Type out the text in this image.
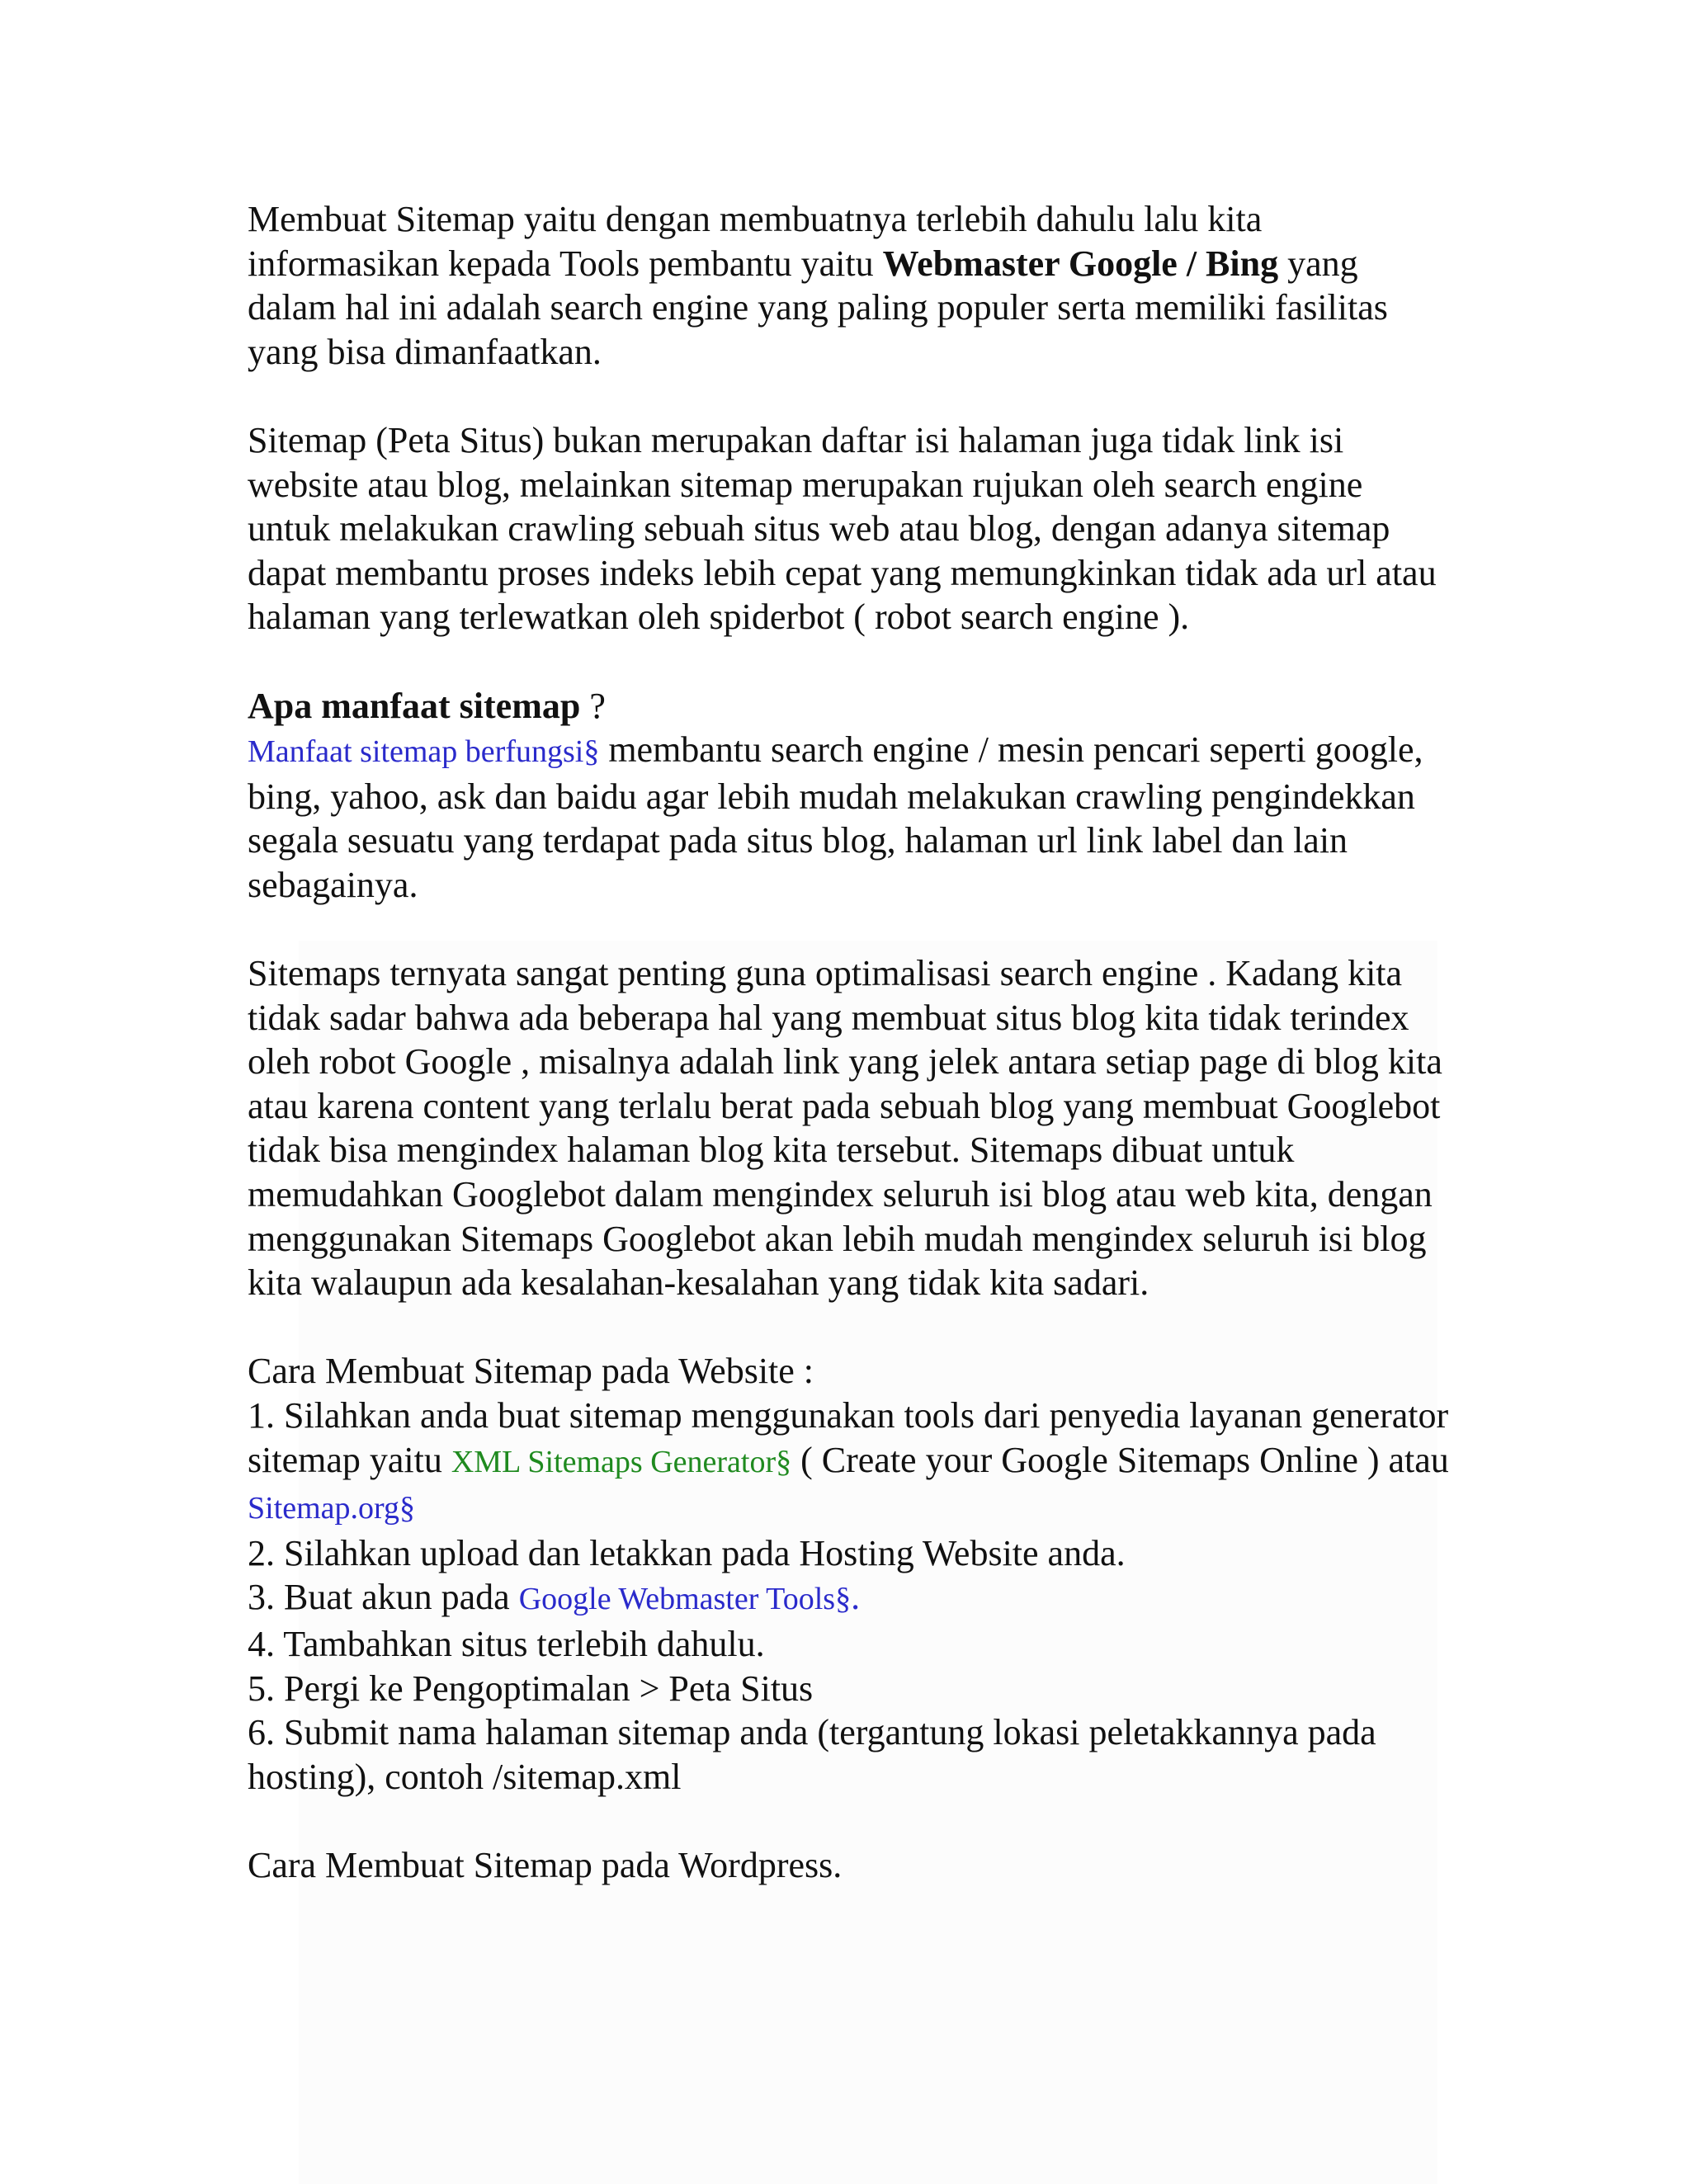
Membuat Sitemap yaitu dengan membuatnya terlebih dahulu lalu kita informasikan kepada Tools pembantu yaitu Webmaster Google / Bing yang dalam hal ini adalah search engine yang paling populer serta memiliki fasilitas yang bisa dimanfaatkan.

Sitemap (Peta Situs) bukan merupakan daftar isi halaman juga tidak link isi website atau blog, melainkan sitemap merupakan rujukan oleh search engine untuk melakukan crawling sebuah situs web atau blog, dengan adanya sitemap dapat membantu proses indeks lebih cepat yang memungkinkan tidak ada url atau halaman yang terlewatkan oleh spiderbot ( robot search engine ).

Apa manfaat sitemap ?

Manfaat sitemap berfungsi§ membantu search engine / mesin pencari seperti google, bing, yahoo, ask dan baidu agar lebih mudah melakukan crawling pengindekkan segala sesuatu yang terdapat pada situs blog, halaman url link label dan lain sebagainya.

Sitemaps ternyata sangat penting guna optimalisasi search engine . Kadang kita tidak sadar bahwa ada beberapa hal yang membuat situs blog kita tidak terindex oleh robot Google , misalnya adalah link yang jelek antara setiap page di blog kita atau karena content yang terlalu berat pada sebuah blog yang membuat Googlebot tidak bisa mengindex halaman blog kita tersebut. Sitemaps dibuat untuk memudahkan Googlebot dalam mengindex seluruh isi blog atau web kita, dengan menggunakan Sitemaps Googlebot akan lebih mudah mengindex seluruh isi blog kita walaupun ada kesalahan-kesalahan yang tidak kita sadari.

Cara Membuat Sitemap pada Website :

1. Silahkan anda buat sitemap menggunakan tools dari penyedia layanan generator sitemap yaitu XML Sitemaps Generator§ ( Create your Google Sitemaps Online ) atau Sitemap.org§

2. Silahkan upload dan letakkan pada Hosting Website anda.

3. Buat akun pada Google Webmaster Tools§.

4. Tambahkan situs terlebih dahulu.

5. Pergi ke Pengoptimalan > Peta Situs

6. Submit nama halaman sitemap anda (tergantung lokasi peletakkannya pada hosting), contoh /sitemap.xml

Cara Membuat Sitemap pada Wordpress.
